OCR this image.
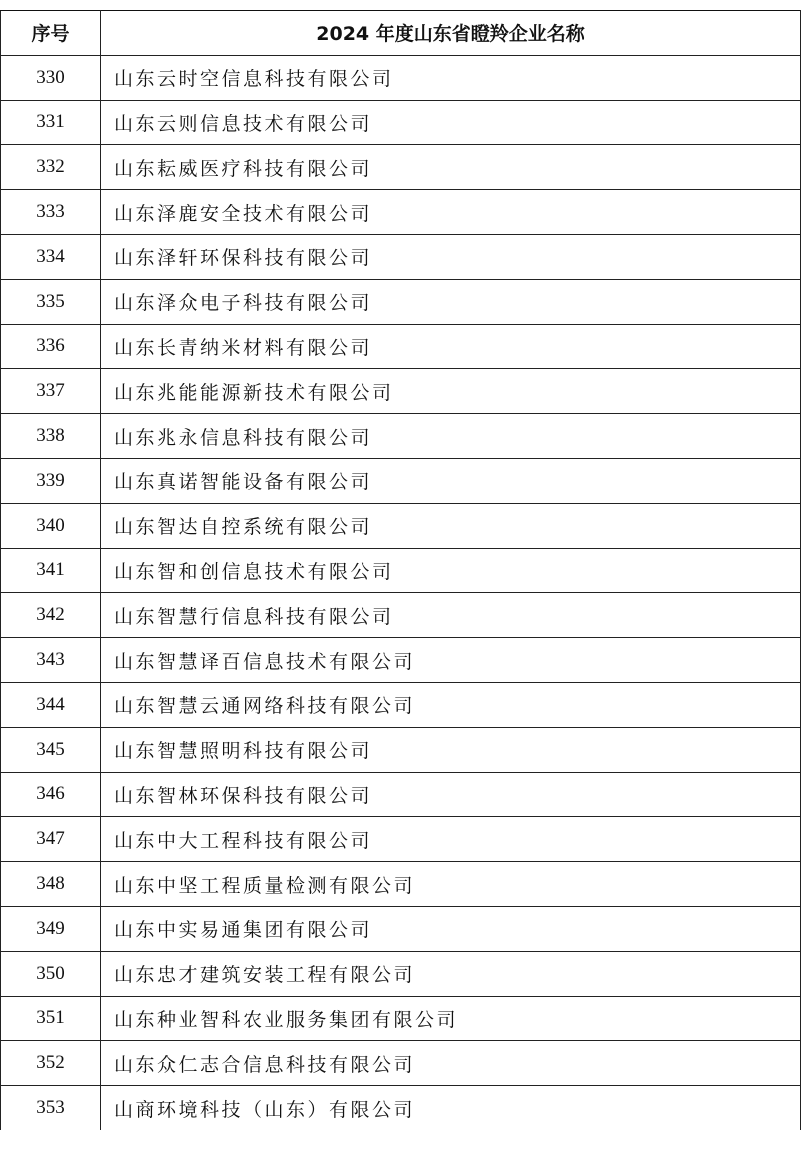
序号	2024 年度山东省瞪羚企业名称
330	山东云时空信息科技有限公司
331	山东云则信息技术有限公司
332	山东耘威医疗科技有限公司
333	山东泽鹿安全技术有限公司
334	山东泽轩环保科技有限公司
335	山东泽众电子科技有限公司
336	山东长青纳米材料有限公司
337	山东兆能能源新技术有限公司
338	山东兆永信息科技有限公司
339	山东真诺智能设备有限公司
340	山东智达自控系统有限公司
341	山东智和创信息技术有限公司
342	山东智慧行信息科技有限公司
343	山东智慧译百信息技术有限公司
344	山东智慧云通网络科技有限公司
345	山东智慧照明科技有限公司
346	山东智林环保科技有限公司
347	山东中大工程科技有限公司
348	山东中坚工程质量检测有限公司
349	山东中实易通集团有限公司
350	山东忠才建筑安装工程有限公司
351	山东种业智科农业服务集团有限公司
352	山东众仁志合信息科技有限公司
353	山商环境科技（山东）有限公司
